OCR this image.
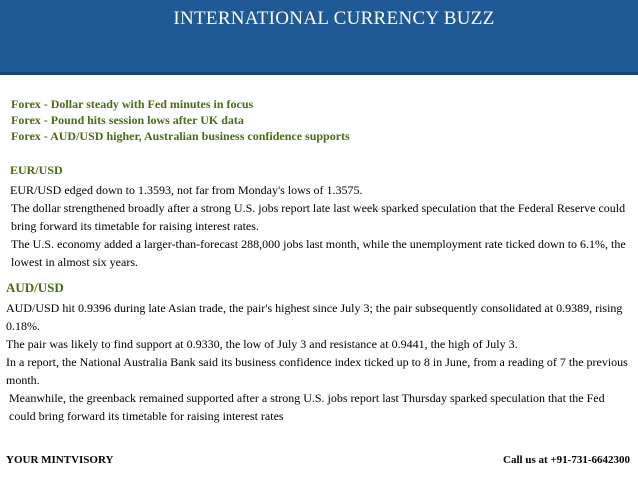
INTERNATIONAL CURRENCY BUZZ
Forex - Dollar steady with Fed minutes in focus
Forex - Pound hits session lows after UK data
Forex - AUD/USD higher, Australian business confidence supports
EUR/USD

EUR/USD edged down to 1.3593, not far from Monday's lows of 1.3575.

The dollar strengthened broadly after a strong U.S. jobs report late last week sparked speculation that the Federal Reserve could bring forward its timetable for raising interest rates.

The U.S. economy added a larger-than-forecast 288,000 jobs last month, while the unemployment rate ticked down to 6.1%, the lowest in almost six years.

AUD/USD

AUD/USD hit 0.9396 during late Asian trade, the pair's highest since July 3; the pair subsequently consolidated at 0.9389, rising 0.18%.

The pair was likely to find support at 0.9330, the low of July 3 and resistance at 0.9441, the high of July 3.

In a report, the National Australia Bank said its business confidence index ticked up to 8 in June, from a reading of 7 the previous month.

Meanwhile, the greenback remained supported after a strong U.S. jobs report last Thursday sparked speculation that the Fed could bring forward its timetable for raising interest rates

YOUR MINTVISORY	Call us at +91-731-6642300
